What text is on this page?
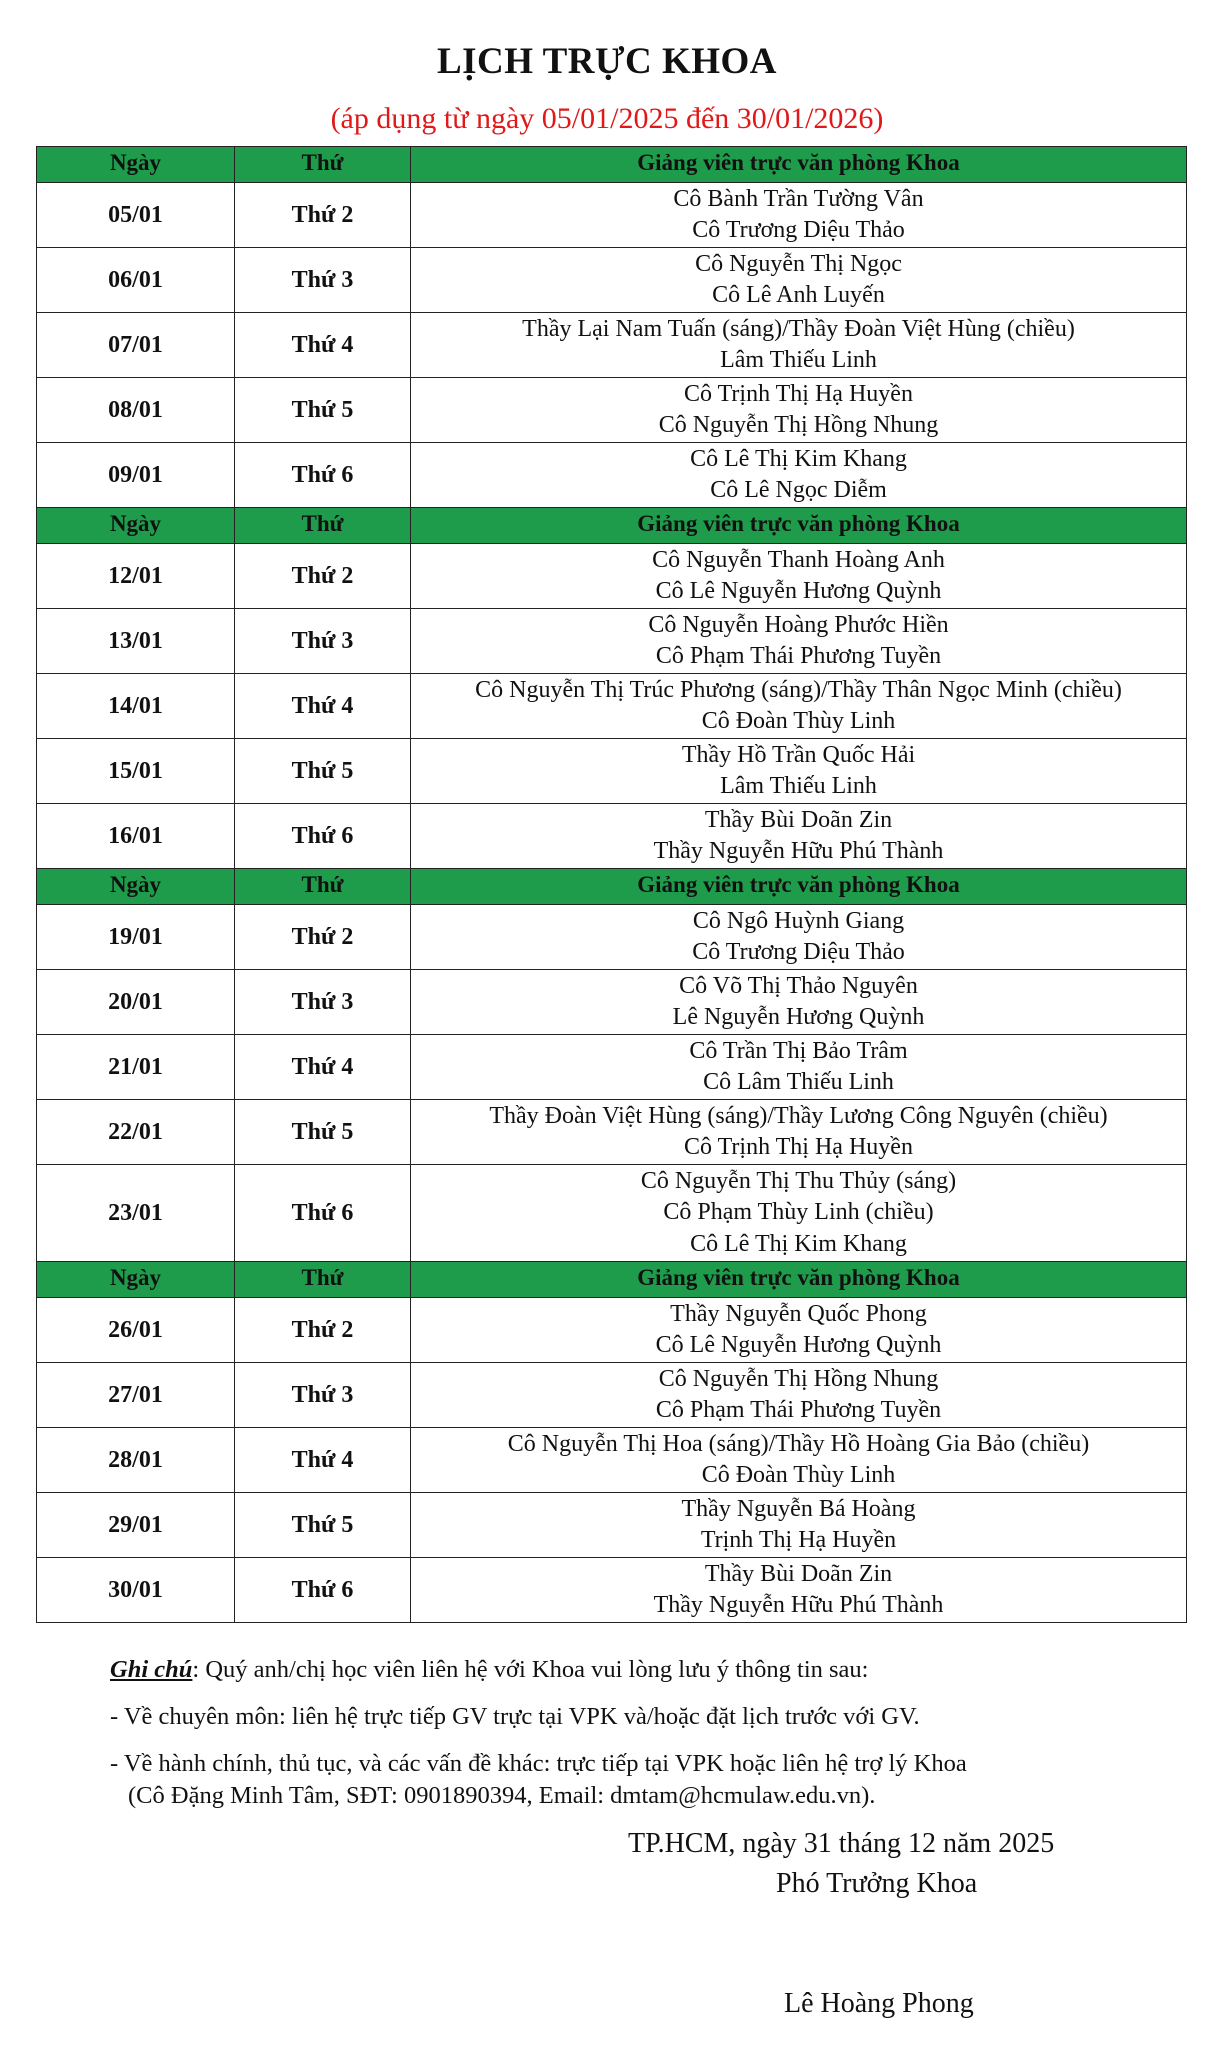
LỊCH TRỰC KHOA
(áp dụng từ ngày 05/01/2025 đến 30/01/2026)
Ngày	Thứ	Giảng viên trực văn phòng Khoa
05/01	Thứ 2	Cô Bành Trần Tường Vân
Cô Trương Diệu Thảo

06/01	Thứ 3	Cô Nguyễn Thị Ngọc
Cô Lê Anh Luyến

07/01	Thứ 4	Thầy Lại Nam Tuấn (sáng)/Thầy Đoàn Việt Hùng (chiều)
Lâm Thiếu Linh

08/01	Thứ 5	Cô Trịnh Thị Hạ Huyền
Cô Nguyễn Thị Hồng Nhung

09/01	Thứ 6	Cô Lê Thị Kim Khang
Cô Lê Ngọc Diễm

Ngày	Thứ	Giảng viên trực văn phòng Khoa
12/01	Thứ 2	Cô Nguyễn Thanh Hoàng Anh
Cô Lê Nguyễn Hương Quỳnh

13/01	Thứ 3	Cô Nguyễn Hoàng Phước Hiền
Cô Phạm Thái Phương Tuyền

14/01	Thứ 4	Cô Nguyễn Thị Trúc Phương (sáng)/Thầy Thân Ngọc Minh (chiều)
Cô Đoàn Thùy Linh

15/01	Thứ 5	Thầy Hồ Trần Quốc Hải
Lâm Thiếu Linh

16/01	Thứ 6	Thầy Bùi Doãn Zin
Thầy Nguyễn Hữu Phú Thành

Ngày	Thứ	Giảng viên trực văn phòng Khoa
19/01	Thứ 2	Cô Ngô Huỳnh Giang
Cô Trương Diệu Thảo

20/01	Thứ 3	Cô Võ Thị Thảo Nguyên
Lê Nguyễn Hương Quỳnh

21/01	Thứ 4	Cô Trần Thị Bảo Trâm
Cô Lâm Thiếu Linh

22/01	Thứ 5	Thầy Đoàn Việt Hùng (sáng)/Thầy Lương Công Nguyên (chiều)
Cô Trịnh Thị Hạ Huyền

23/01	Thứ 6	Cô Nguyễn Thị Thu Thủy (sáng)
Cô Phạm Thùy Linh (chiều)
Cô Lê Thị Kim Khang

Ngày	Thứ	Giảng viên trực văn phòng Khoa
26/01	Thứ 2	Thầy Nguyễn Quốc Phong
Cô Lê Nguyễn Hương Quỳnh

27/01	Thứ 3	Cô Nguyễn Thị Hồng Nhung
Cô Phạm Thái Phương Tuyền

28/01	Thứ 4	Cô Nguyễn Thị Hoa (sáng)/Thầy Hồ Hoàng Gia Bảo (chiều)
Cô Đoàn Thùy Linh

29/01	Thứ 5	Thầy Nguyễn Bá Hoàng
Trịnh Thị Hạ Huyền

30/01	Thứ 6	Thầy Bùi Doãn Zin
Thầy Nguyễn Hữu Phú Thành
Ghi chú: Quý anh/chị học viên liên hệ với Khoa vui lòng lưu ý thông tin sau:
- Về chuyên môn: liên hệ trực tiếp GV trực tại VPK và/hoặc đặt lịch trước với GV.
- Về hành chính, thủ tục, và các vấn đề khác: trực tiếp tại VPK hoặc liên hệ trợ lý Khoa
(Cô Đặng Minh Tâm, SĐT: 0901890394, Email: dmtam@hcmulaw.edu.vn).
TP.HCM, ngày 31 tháng 12 năm 2025
Phó Trưởng Khoa
Lê Hoàng Phong
